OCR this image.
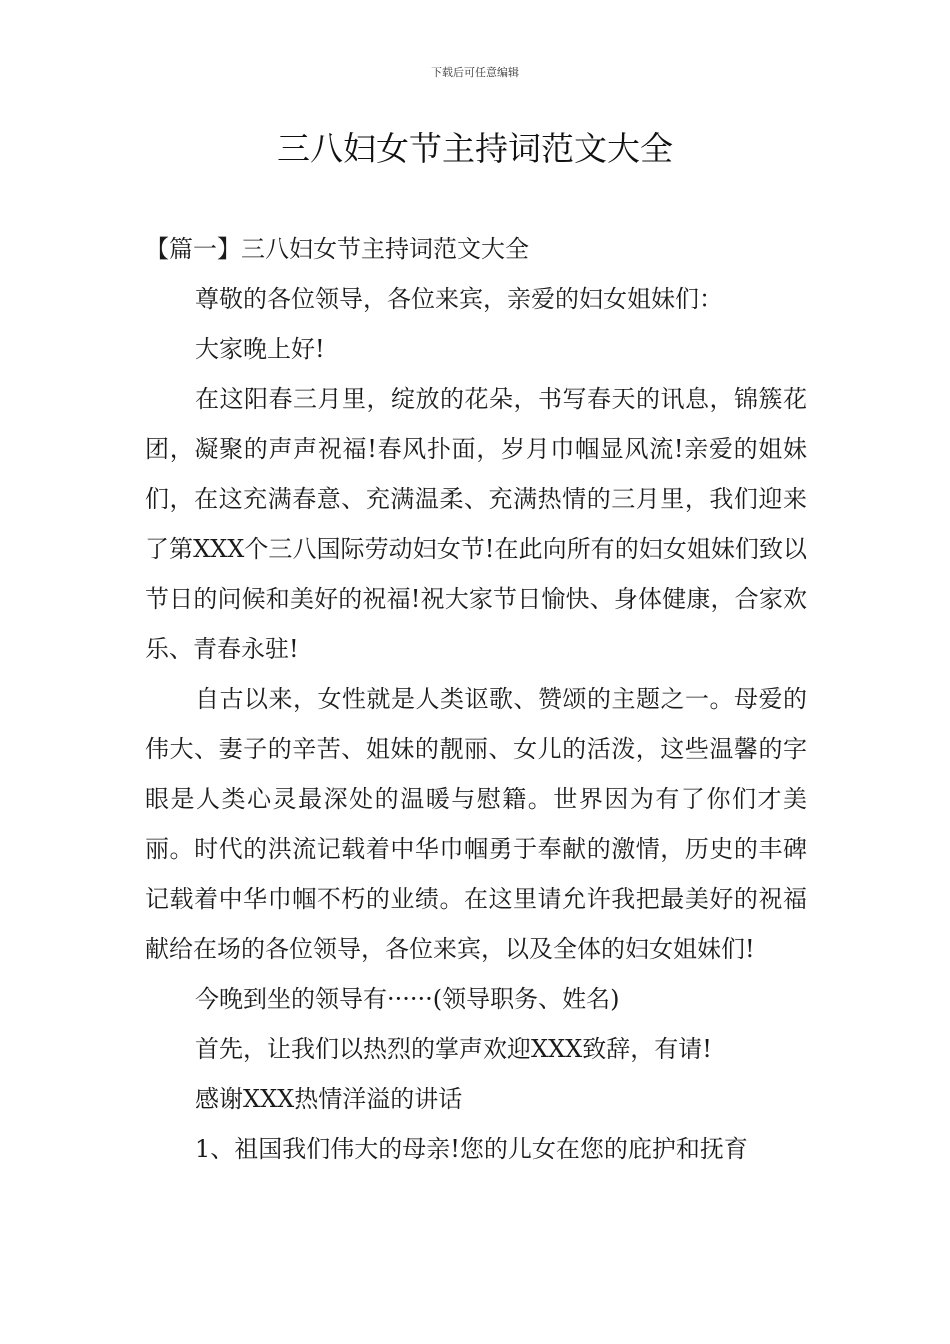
下载后可任意编辑
三八妇女节主持词范文大全

【篇一】三八妇女节主持词范文大全

尊敬的各位领导，各位来宾，亲爱的妇女姐妹们：

大家晚上好!

在这阳春三月里，绽放的花朵，书写春天的讯息，锦簇花团，凝聚的声声祝福!春风扑面，岁月巾帼显风流!亲爱的姐妹们，在这充满春意、充满温柔、充满热情的三月里，我们迎来了第XXX个三八国际劳动妇女节!在此向所有的妇女姐妹们致以节日的问候和美好的祝福!祝大家节日愉快、身体健康，合家欢乐、青春永驻!

自古以来，女性就是人类讴歌、赞颂的主题之一。母爱的伟大、妻子的辛苦、姐妹的靓丽、女儿的活泼，这些温馨的字眼是人类心灵最深处的温暖与慰籍。世界因为有了你们才美丽。时代的洪流记载着中华巾帼勇于奉献的激情，历史的丰碑记载着中华巾帼不朽的业绩。在这里请允许我把最美好的祝福献给在场的各位领导，各位来宾，以及全体的妇女姐妹们!

今晚到坐的领导有······(领导职务、姓名)

首先，让我们以热烈的掌声欢迎XXX致辞，有请!

感谢XXX热情洋溢的讲话

1、祖国我们伟大的母亲!您的儿女在您的庇护和抚育
